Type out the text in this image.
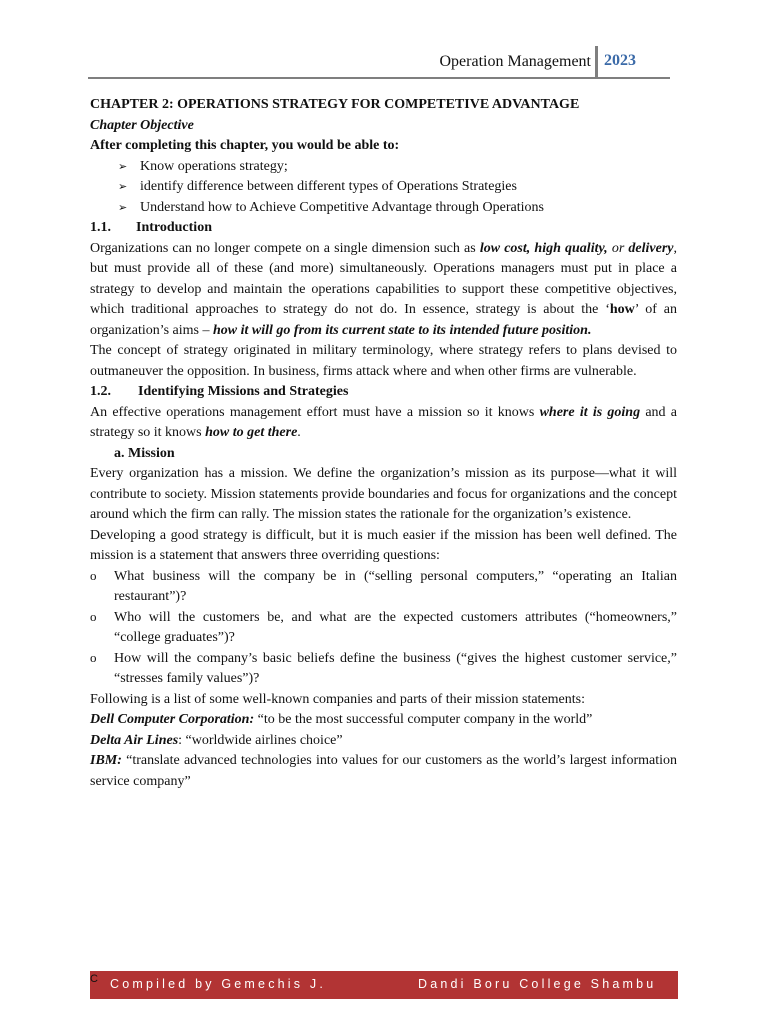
Operation Management 2023

CHAPTER 2: OPERATIONS STRATEGY FOR COMPETETIVE ADVANTAGE

Chapter Objective

After completing this chapter, you would be able to:

➢ Know operations strategy;
➢ identify difference between different types of Operations Strategies
➢ Understand how to Achieve Competitive Advantage through Operations
1.1.	Introduction

Organizations can no longer compete on a single dimension such as low cost, high quality, or delivery, but must provide all of these (and more) simultaneously. Operations managers must put in place a strategy to develop and maintain the operations capabilities to support these competitive objectives, which traditional approaches to strategy do not do. In essence, strategy is about the ‘how’ of an organization’s aims – how it will go from its current state to its intended future position.

The concept of strategy originated in military terminology, where strategy refers to plans devised to outmaneuver the opposition. In business, firms attack where and when other firms are vulnerable.

1.2.	Identifying Missions and Strategies

An effective operations management effort must have a mission so it knows where it is going and a strategy so it knows how to get there.

a. Mission

Every organization has a mission. We define the organization’s mission as its purpose—what it will contribute to society. Mission statements provide boundaries and focus for organizations and the concept around which the firm can rally. The mission states the rationale for the organization’s existence.

Developing a good strategy is difficult, but it is much easier if the mission has been well defined. The mission is a statement that answers three overriding questions:

o What business will the company be in (“selling personal computers,” “operating an Italian restaurant”)?
o Who will the customers be, and what are the expected customers attributes (“homeowners,” “college graduates”)?
o How will the company’s basic beliefs define the business (“gives the highest customer service,” “stresses family values”)?

Following is a list of some well-known companies and parts of their mission statements:

Dell Computer Corporation: “to be the most successful computer company in the world”

Delta Air Lines: “worldwide airlines choice”

IBM: “translate advanced technologies into values for our customers as the world’s largest information service company”

Compiled by Gemechis J.	Dandi Boru College Shambu
C
